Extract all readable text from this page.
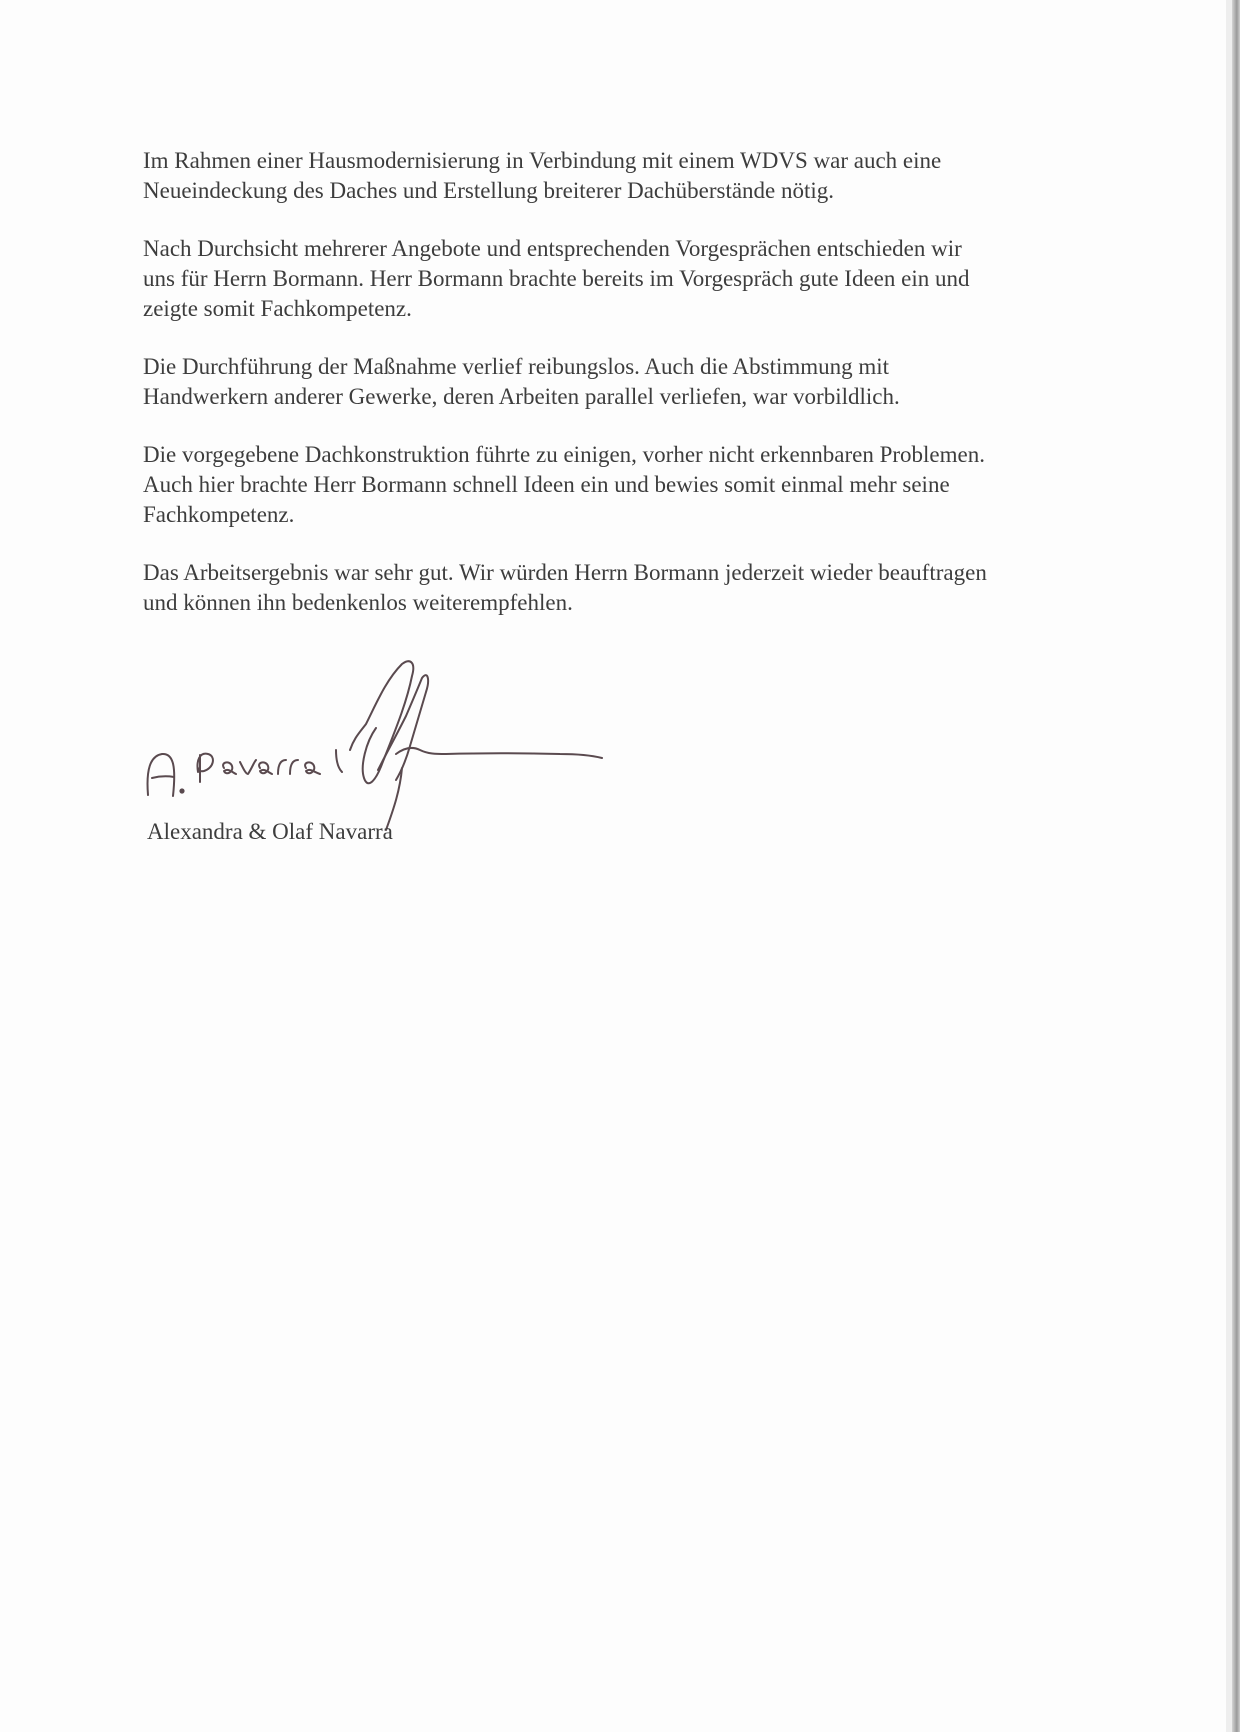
Im Rahmen einer Hausmodernisierung in Verbindung mit einem WDVS war auch eine
Neueindeckung des Daches und Erstellung breiterer Dachüberstände nötig.

Nach Durchsicht mehrerer Angebote und entsprechenden Vorgesprächen entschieden wir
uns für Herrn Bormann. Herr Bormann brachte bereits im Vorgespräch gute Ideen ein und
zeigte somit Fachkompetenz.

Die Durchführung der Maßnahme verlief reibungslos. Auch die Abstimmung mit
Handwerkern anderer Gewerke, deren Arbeiten parallel verliefen, war vorbildlich.

Die vorgegebene Dachkonstruktion führte zu einigen, vorher nicht erkennbaren Problemen.
Auch hier brachte Herr Bormann schnell Ideen ein und bewies somit einmal mehr seine
Fachkompetenz.

Das Arbeitsergebnis war sehr gut. Wir würden Herrn Bormann jederzeit wieder beauftragen
und können ihn bedenkenlos weiterempfehlen.

Alexandra & Olaf Navarra
